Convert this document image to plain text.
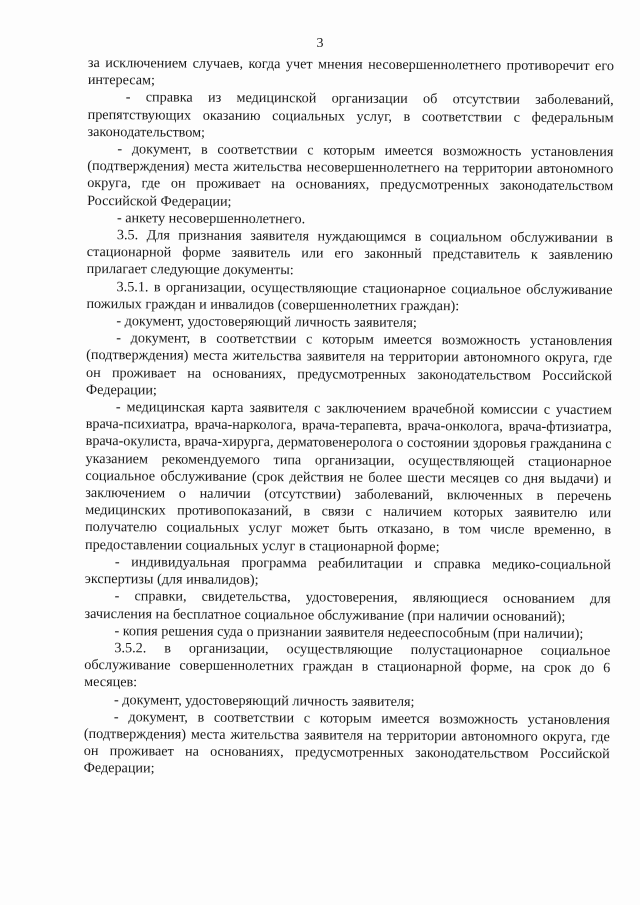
3

за исключением случаев, когда учет мнения несовершеннолетнего противоречит его интересам;

- справка из медицинской организации об отсутствии заболеваний, препятствующих оказанию социальных услуг, в соответствии с федеральным законодательством;

- документ, в соответствии с которым имеется возможность установления (подтверждения) места жительства несовершеннолетнего на территории автономного округа, где он проживает на основаниях, предусмотренных законодательством Российской Федерации;

- анкету несовершеннолетнего.

3.5. Для признания заявителя нуждающимся в социальном обслуживании в стационарной форме заявитель или его законный представитель к заявлению прилагает следующие документы:

3.5.1. в организации, осуществляющие стационарное социальное обслуживание пожилых граждан и инвалидов (совершеннолетних граждан):

- документ, удостоверяющий личность заявителя;

- документ, в соответствии с которым имеется возможность установления (подтверждения) места жительства заявителя на территории автономного округа, где он проживает на основаниях, предусмотренных законодательством Российской Федерации;

- медицинская карта заявителя с заключением врачебной комиссии с участием врача-психиатра, врача-нарколога, врача-терапевта, врача-онколога, врача-фтизиатра, врача-окулиста, врача-хирурга, дерматовенеролога о состоянии здоровья гражданина с указанием рекомендуемого типа организации, осуществляющей стационарное социальное обслуживание (срок действия не более шести месяцев со дня выдачи) и заключением о наличии (отсутствии) заболеваний, включенных в перечень медицинских противопоказаний, в связи с наличием которых заявителю или получателю социальных услуг может быть отказано, в том числе временно, в предоставлении социальных услуг в стационарной форме;

- индивидуальная программа реабилитации и справка медико-социальной экспертизы (для инвалидов);

- справки, свидетельства, удостоверения, являющиеся основанием для зачисления на бесплатное социальное обслуживание (при наличии оснований);

- копия решения суда о признании заявителя недееспособным (при наличии);

3.5.2. в организации, осуществляющие полустационарное социальное обслуживание совершеннолетних граждан в стационарной форме, на срок до 6 месяцев:

- документ, удостоверяющий личность заявителя;

- документ, в соответствии с которым имеется возможность установления (подтверждения) места жительства заявителя на территории автономного округа, где он проживает на основаниях, предусмотренных законодательством Российской Федерации;
